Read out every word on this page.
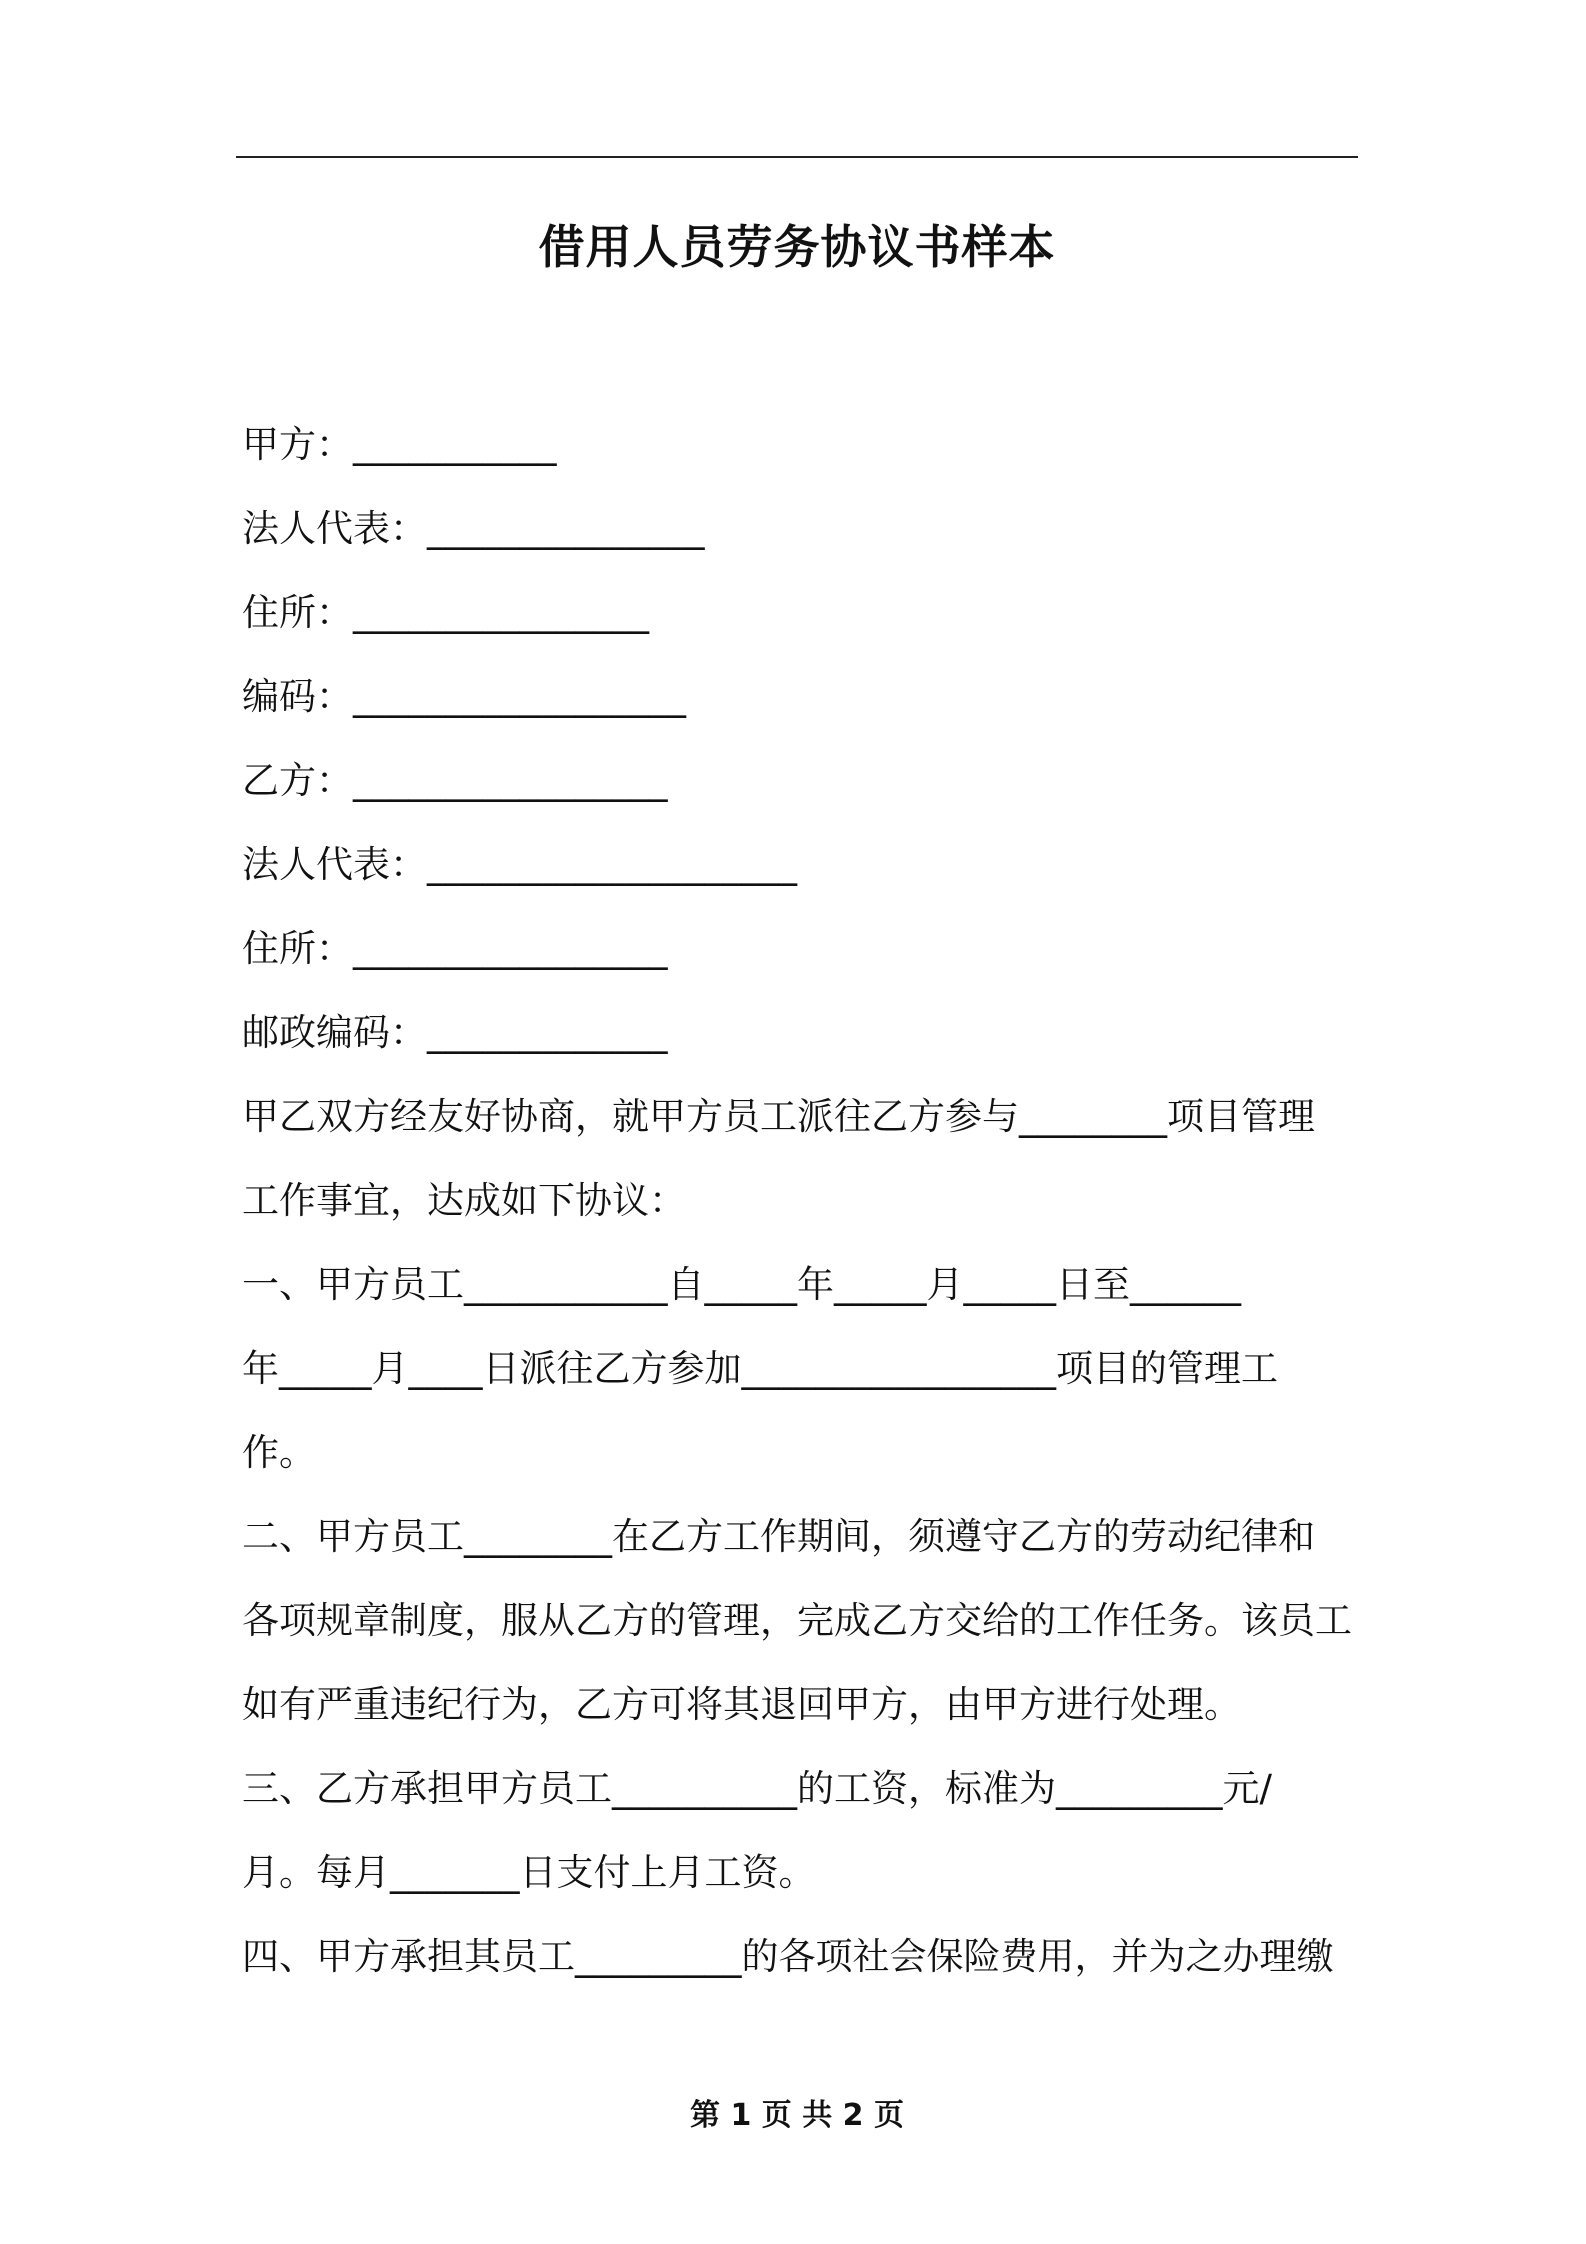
借用人员劳务协议书样本
甲方：___________
法人代表：_______________
住所：________________
编码：__________________
乙方：_________________
法人代表：____________________
住所：_________________
邮政编码：_____________
甲乙双方经友好协商，就甲方员工派往乙方参与________项目管理
工作事宜，达成如下协议：
一、甲方员工___________自_____年_____月_____日至______
年_____月____日派往乙方参加_________________项目的管理工
作。
二、甲方员工________在乙方工作期间，须遵守乙方的劳动纪律和
各项规章制度，服从乙方的管理，完成乙方交给的工作任务。该员工
如有严重违纪行为，乙方可将其退回甲方，由甲方进行处理。
三、乙方承担甲方员工__________的工资，标准为_________元/
月。每月_______日支付上月工资。
四、甲方承担其员工_________的各项社会保险费用，并为之办理缴
第 1 页 共 2 页
